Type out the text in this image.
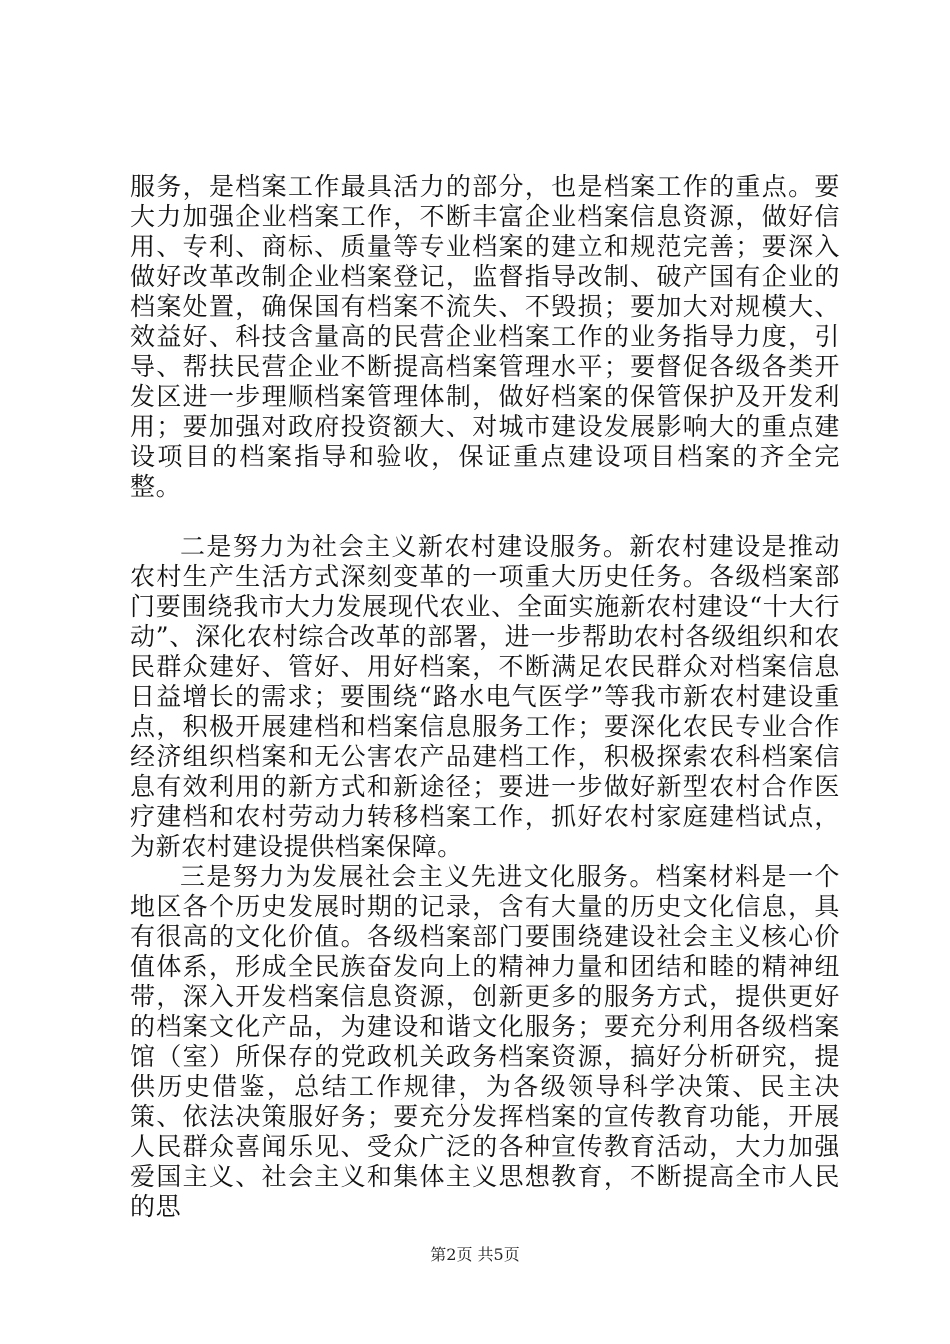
服务，是档案工作最具活力的部分，也是档案工作的重点。要大力加强企业档案工作，不断丰富企业档案信息资源，做好信用、专利、商标、质量等专业档案的建立和规范完善；要深入做好改革改制企业档案登记，监督指导改制、破产国有企业的档案处置，确保国有档案不流失、不毁损；要加大对规模大、效益好、科技含量高的民营企业档案工作的业务指导力度，引导、帮扶民营企业不断提高档案管理水平；要督促各级各类开发区进一步理顺档案管理体制，做好档案的保管保护及开发利用；要加强对政府投资额大、对城市建设发展影响大的重点建设项目的档案指导和验收，保证重点建设项目档案的齐全完整。

二是努力为社会主义新农村建设服务。新农村建设是推动农村生产生活方式深刻变革的一项重大历史任务。各级档案部门要围绕我市大力发展现代农业、全面实施新农村建设“十大行动”、深化农村综合改革的部署，进一步帮助农村各级组织和农民群众建好、管好、用好档案，不断满足农民群众对档案信息日益增长的需求；要围绕“路水电气医学”等我市新农村建设重点，积极开展建档和档案信息服务工作；要深化农民专业合作经济组织档案和无公害农产品建档工作，积极探索农科档案信息有效利用的新方式和新途径；要进一步做好新型农村合作医疗建档和农村劳动力转移档案工作，抓好农村家庭建档试点，为新农村建设提供档案保障。

三是努力为发展社会主义先进文化服务。档案材料是一个地区各个历史发展时期的记录，含有大量的历史文化信息，具有很高的文化价值。各级档案部门要围绕建设社会主义核心价值体系，形成全民族奋发向上的精神力量和团结和睦的精神纽带，深入开发档案信息资源，创新更多的服务方式，提供更好的档案文化产品，为建设和谐文化服务；要充分利用各级档案馆（室）所保存的党政机关政务档案资源，搞好分析研究，提供历史借鉴，总结工作规律，为各级领导科学决策、民主决策、依法决策服好务；要充分发挥档案的宣传教育功能，开展人民群众喜闻乐见、受众广泛的各种宣传教育活动，大力加强爱国主义、社会主义和集体主义思想教育，不断提高全市人民的思

第2页 共5页
